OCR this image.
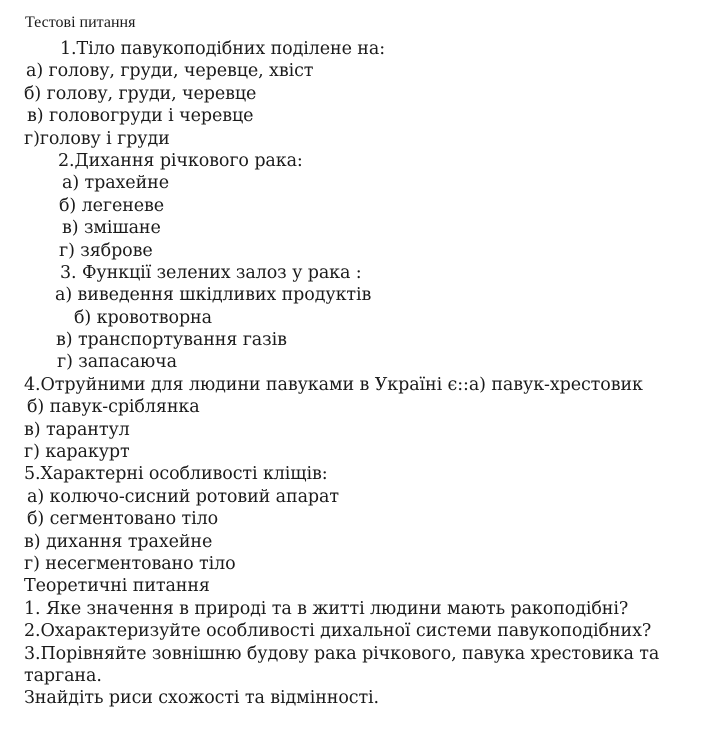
Тестові питання
1.Тіло павукоподібних поділене на:
а) голову, груди, черевце, хвіст
б) голову, груди, черевце
в) головогруди і черевце
г)голову і груди
2.Дихання річкового рака:
а) трахейне
б) легеневе
в) змішане
г) зяброве
3. Функції зелених залоз у рака :
а) виведення шкідливих продуктів
б) кровотворна
в) транспортування газів
г) запасаюча
4.Отруйними для людини павуками в Україні є::а) павук-хрестовик
б) павук-сріблянка
в) тарантул
г) каракурт
5.Характерні особливості кліщів:
а) колючо-сисний ротовий апарат
б) сегментовано тіло
в) дихання трахейне
г) несегментовано тіло
Теоретичні питання
1. Яке значення в природі та в житті людини мають ракоподібні?
2.Охарактеризуйте особливості дихальної системи павукоподібних?
3.Порівняйте зовнішню будову рака річкового, павука хрестовика та
таргана.
Знайдіть риси схожості та відмінності.
